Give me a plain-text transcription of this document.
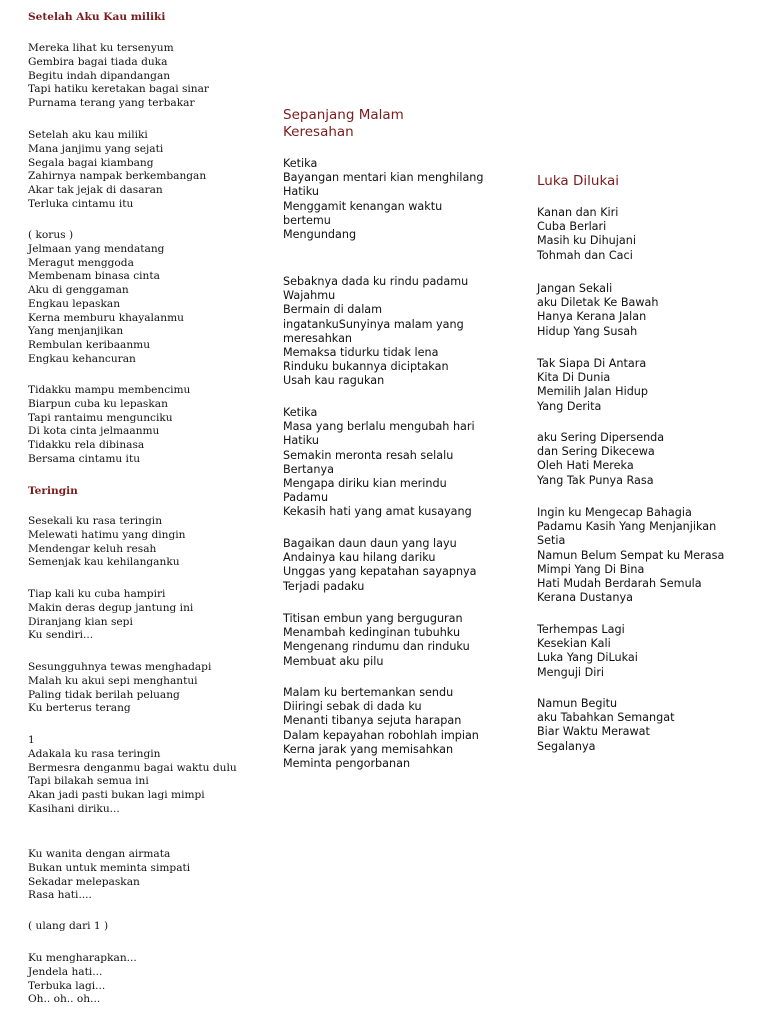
Setelah Aku Kau miliki

Mereka lihat ku tersenyum
Gembira bagai tiada duka
Begitu indah dipandangan
Tapi hatiku keretakan bagai sinar
Purnama terang yang terbakar
Setelah aku kau miliki
Mana janjimu yang sejati
Segala bagai kiambang
Zahirnya nampak berkembangan
Akar tak jejak di dasaran
Terluka cintamu itu
( korus )
Jelmaan yang mendatang
Meragut menggoda
Membenam binasa cinta
Aku di genggaman
Engkau lepaskan
Kerna memburu khayalanmu
Yang menjanjikan
Rembulan keribaanmu
Engkau kehancuran
Tidakku mampu membencimu
Biarpun cuba ku lepaskan
Tapi rantaimu mengunciku
Di kota cinta jelmaanmu
Tidakku rela dibinasa
Bersama cintamu itu

Teringin

Sesekali ku rasa teringin
Melewati hatimu yang dingin
Mendengar keluh resah
Semenjak kau kehilanganku
Tiap kali ku cuba hampiri
Makin deras degup jantung ini
Diranjang kian sepi
Ku sendiri...
Sesungguhnya tewas menghadapi
Malah ku akui sepi menghantui
Paling tidak berilah peluang
Ku berterus terang
1
Adakala ku rasa teringin
Bermesra denganmu bagai waktu dulu
Tapi bilakah semua ini
Akan jadi pasti bukan lagi mimpi
Kasihani diriku...
Ku wanita dengan airmata
Bukan untuk meminta simpati
Sekadar melepaskan
Rasa hati....
( ulang dari 1 )
Ku mengharapkan...
Jendela hati...
Terbuka lagi...
Oh.. oh.. oh...

Sepanjang Malam Keresahan

Ketika
Bayangan mentari kian menghilang
Hatiku
Menggamit kenangan waktu bertemu
Mengundang
Sebaknya dada ku rindu padamu
Wajahmu
Bermain di dalam
ingatankuSunyinya malam yang meresahkan
Memaksa tidurku tidak lena
Rinduku bukannya diciptakan
Usah kau ragukan
Ketika
Masa yang berlalu mengubah hari
Hatiku
Semakin meronta resah selalu
Bertanya
Mengapa diriku kian merindu
Padamu
Kekasih hati yang amat kusayang
Bagaikan daun daun yang layu
Andainya kau hilang dariku
Unggas yang kepatahan sayapnya
Terjadi padaku
Titisan embun yang berguguran
Menambah kedinginan tubuhku
Mengenang rindumu dan rinduku
Membuat aku pilu
Malam ku bertemankan sendu
Diiringi sebak di dada ku
Menanti tibanya sejuta harapan
Dalam kepayahan robohlah impian
Kerna jarak yang memisahkan
Meminta pengorbanan

Luka Dilukai

Kanan dan Kiri
Cuba Berlari
Masih ku Dihujani
Tohmah dan Caci
Jangan Sekali
aku Diletak Ke Bawah
Hanya Kerana Jalan
Hidup Yang Susah
Tak Siapa Di Antara
Kita Di Dunia
Memilih Jalan Hidup
Yang Derita
aku Sering Dipersenda
dan Sering Dikecewa
Oleh Hati Mereka
Yang Tak Punya Rasa
Ingin ku Mengecap Bahagia
Padamu Kasih Yang Menjanjikan Setia
Namun Belum Sempat ku Merasa
Mimpi Yang Di Bina
Hati Mudah Berdarah Semula
Kerana Dustanya
Terhempas Lagi
Kesekian Kali
Luka Yang DiLukai
Menguji Diri
Namun Begitu
aku Tabahkan Semangat
Biar Waktu Merawat
Segalanya
